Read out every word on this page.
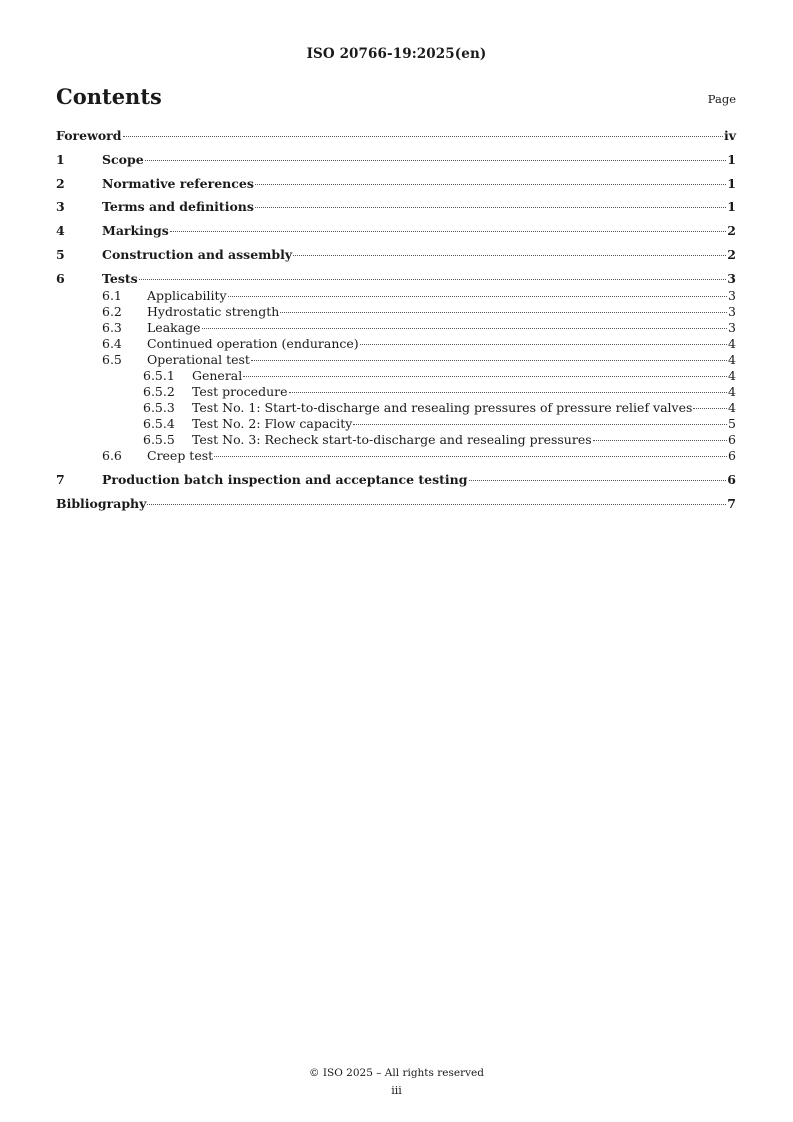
ISO 20766-19:2025(en)
Contents	Page
Foreword	iv
1	Scope	1
2	Normative references	1
3	Terms and definitions	1
4	Markings	2
5	Construction and assembly	2
6	Tests	3
6.1 Applicability	3
6.2 Hydrostatic strength	3
6.3 Leakage	3
6.4 Continued operation (endurance)	4
6.5 Operational test	4
6.5.1 General	4
6.5.2 Test procedure	4
6.5.3 Test No. 1: Start-to-discharge and resealing pressures of pressure relief valves	4
6.5.4 Test No. 2: Flow capacity	5
6.5.5 Test No. 3: Recheck start-to-discharge and resealing pressures	6
6.6 Creep test	6
7	Production batch inspection and acceptance testing	6
Bibliography	7
© ISO 2025 – All rights reserved
iii
